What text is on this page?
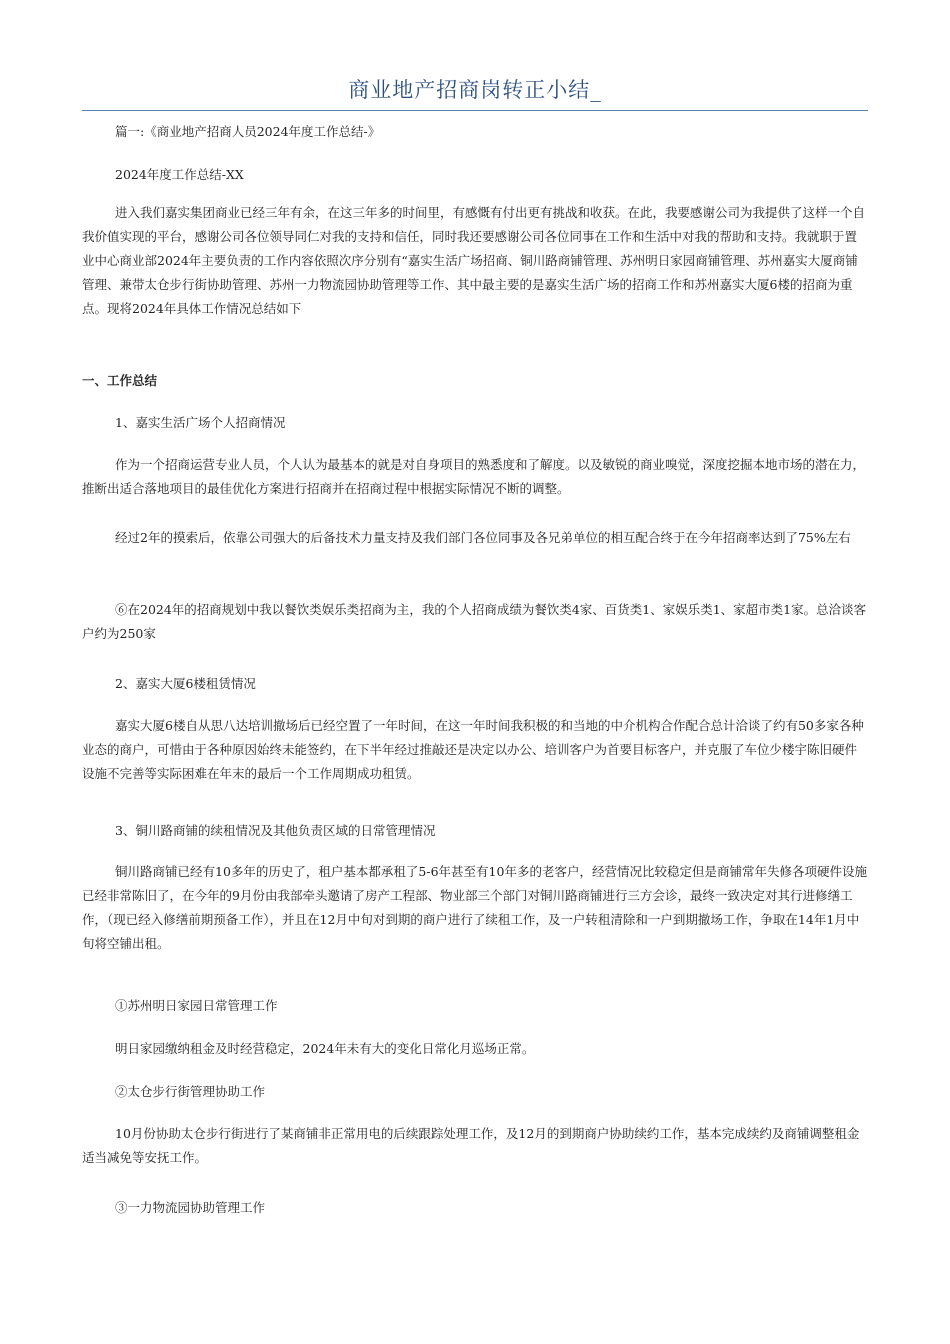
商业地产招商岗转正小结_

篇一:《商业地产招商人员2024年度工作总结-》

2024年度工作总结-XX

进入我们嘉实集团商业已经三年有余，在这三年多的时间里，有感慨有付出更有挑战和收获。在此，我要感谢公司为我提供了这样一个自我价值实现的平台，感谢公司各位领导同仁对我的支持和信任，同时我还要感谢公司各位同事在工作和生活中对我的帮助和支持。我就职于置业中心商业部2024年主要负责的工作内容依照次序分别有“嘉实生活广场招商、铜川路商铺管理、苏州明日家园商铺管理、苏州嘉实大厦商铺管理、兼带太仓步行街协助管理、苏州一力物流园协助管理等工作、其中最主要的是嘉实生活广场的招商工作和苏州嘉实大厦6楼的招商为重点。现将2024年具体工作情况总结如下

一、工作总结

1、嘉实生活广场个人招商情况

作为一个招商运营专业人员，个人认为最基本的就是对自身项目的熟悉度和了解度。以及敏锐的商业嗅觉，深度挖掘本地市场的潜在力，推断出适合落地项目的最佳优化方案进行招商并在招商过程中根据实际情况不断的调整。

经过2年的摸索后，依靠公司强大的后备技术力量支持及我们部门各位同事及各兄弟单位的相互配合终于在今年招商率达到了75%左右

⑥在2024年的招商规划中我以餐饮类娱乐类招商为主，我的个人招商成绩为餐饮类4家、百货类1、家娱乐类1、家超市类1家。总洽谈客户约为250家

2、嘉实大厦6楼租赁情况

嘉实大厦6楼自从思八达培训撤场后已经空置了一年时间，在这一年时间我积极的和当地的中介机构合作配合总计洽谈了约有50多家各种业态的商户，可惜由于各种原因始终未能签约，在下半年经过推敲还是决定以办公、培训客户为首要目标客户，并克服了车位少楼宇陈旧硬件设施不完善等实际困难在年末的最后一个工作周期成功租赁。

3、铜川路商铺的续租情况及其他负责区域的日常管理情况

铜川路商铺已经有10多年的历史了，租户基本都承租了5-6年甚至有10年多的老客户，经营情况比较稳定但是商铺常年失修各项硬件设施已经非常陈旧了，在今年的9月份由我部牵头邀请了房产工程部、物业部三个部门对铜川路商铺进行三方会诊，最终一致决定对其行进修缮工作，（现已经入修缮前期预备工作），并且在12月中旬对到期的商户进行了续租工作，及一户转租清除和一户到期撤场工作，争取在14年1月中旬将空铺出租。

①苏州明日家园日常管理工作

明日家园缴纳租金及时经营稳定，2024年未有大的变化日常化月巡场正常。

②太仓步行街管理协助工作

10月份协助太仓步行街进行了某商铺非正常用电的后续跟踪处理工作，及12月的到期商户协助续约工作，基本完成续约及商铺调整租金适当减免等安抚工作。

③一力物流园协助管理工作
